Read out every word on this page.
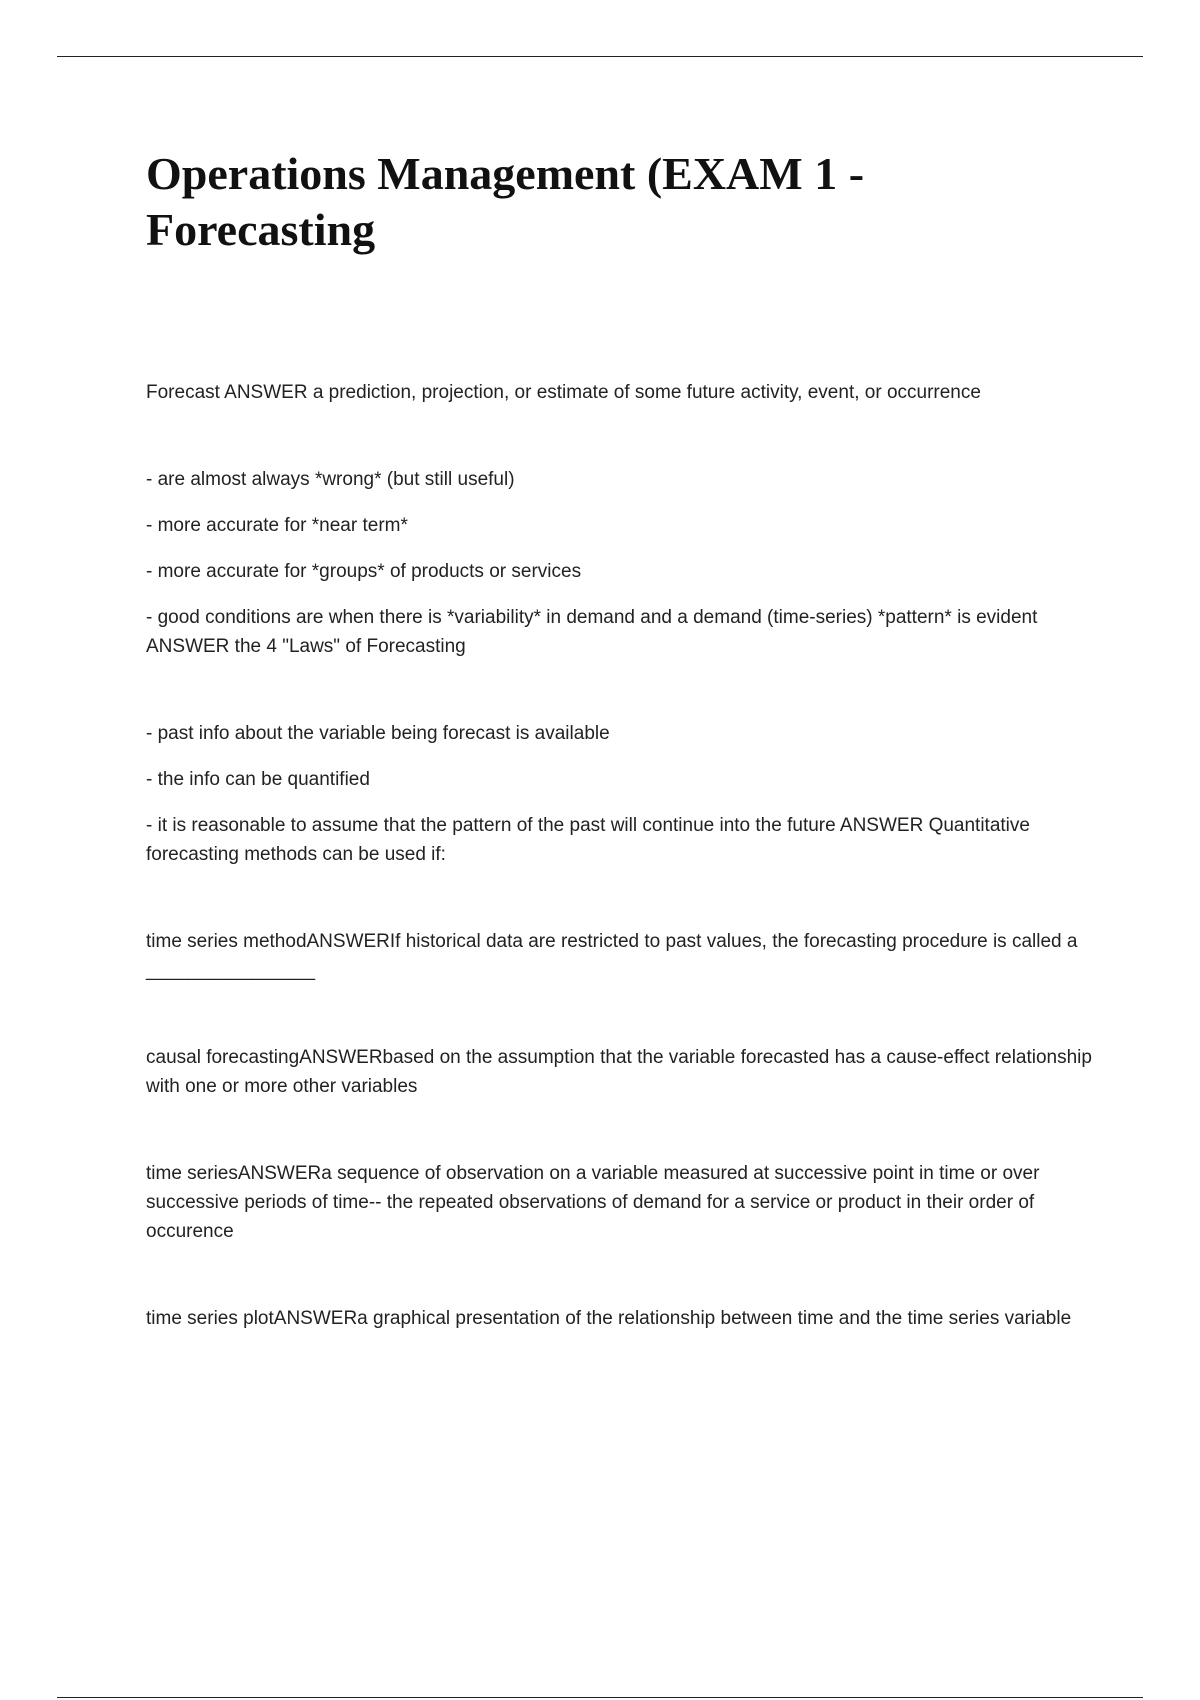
Operations Management (EXAM 1 - Forecasting

Forecast ANSWER a prediction, projection, or estimate of some future activity, event, or occurrence

- are almost always *wrong* (but still useful)

- more accurate for *near term*

- more accurate for *groups* of products or services

- good conditions are when there is *variability* in demand and a demand (time-series) *pattern* is evident ANSWER the 4 "Laws" of Forecasting

- past info about the variable being forecast is available

- the info can be quantified

- it is reasonable to assume that the pattern of the past will continue into the future ANSWER Quantitative forecasting methods can be used if:

time series methodANSWERIf historical data are restricted to past values, the forecasting procedure is called a ________________

causal forecastingANSWERbased on the assumption that the variable forecasted has a cause-effect relationship with one or more other variables

time seriesANSWERa sequence of observation on a variable measured at successive point in time or over successive periods of time-- the repeated observations of demand for a service or product in their order of occurence

time series plotANSWERa graphical presentation of the relationship between time and the time series variable
